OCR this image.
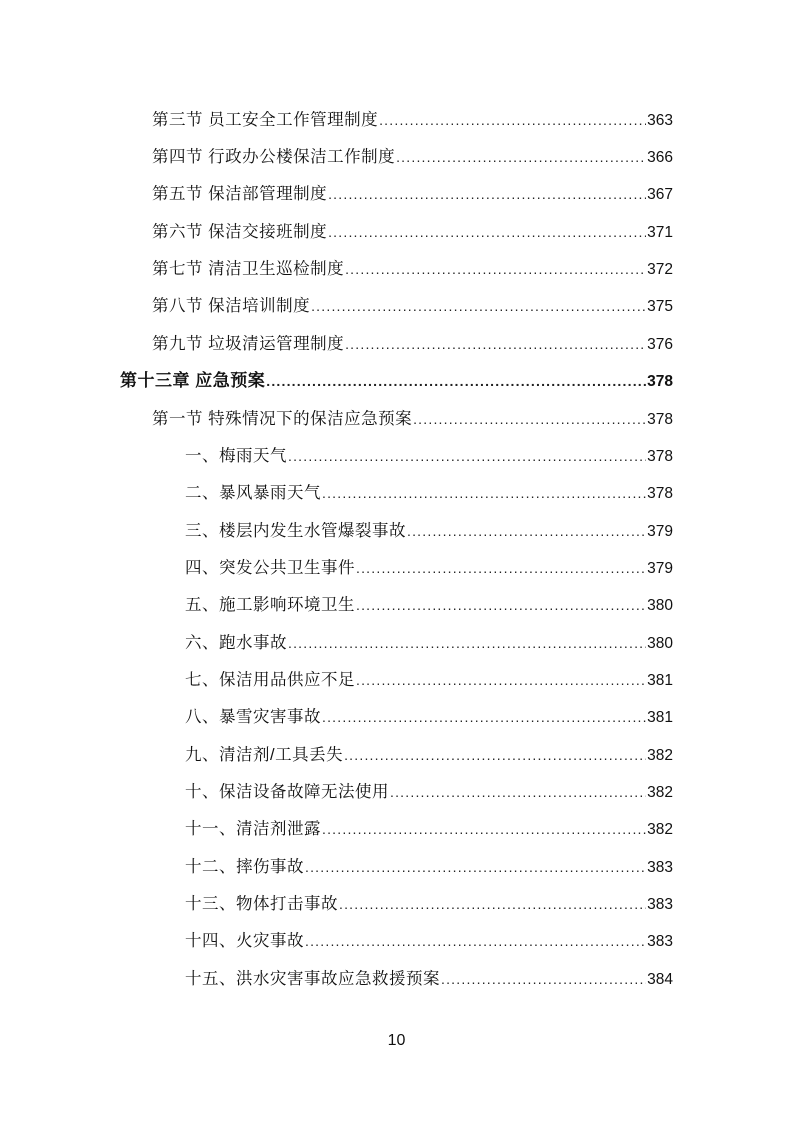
第三节 员工安全工作管理制度 .....	363
第四节 行政办公楼保洁工作制度 .....	366
第五节 保洁部管理制度 .....	367
第六节 保洁交接班制度 .....	371
第七节 清洁卫生巡检制度 .....	372
第八节 保洁培训制度 .....	375
第九节 垃圾清运管理制度 .....	376
第十三章 应急预案 .....	378
第一节 特殊情况下的保洁应急预案 .....	378
一、梅雨天气 .....	378
二、暴风暴雨天气 .....	378
三、楼层内发生水管爆裂事故 .....	379
四、突发公共卫生事件 .....	379
五、施工影响环境卫生 .....	380
六、跑水事故 .....	380
七、保洁用品供应不足 .....	381
八、暴雪灾害事故 .....	381
九、清洁剂/工具丢失 .....	382
十、保洁设备故障无法使用 .....	382
十一、清洁剂泄露 .....	382
十二、摔伤事故 .....	383
十三、物体打击事故 .....	383
十四、火灾事故 .....	383
十五、洪水灾害事故应急救援预案 .....	384
10
